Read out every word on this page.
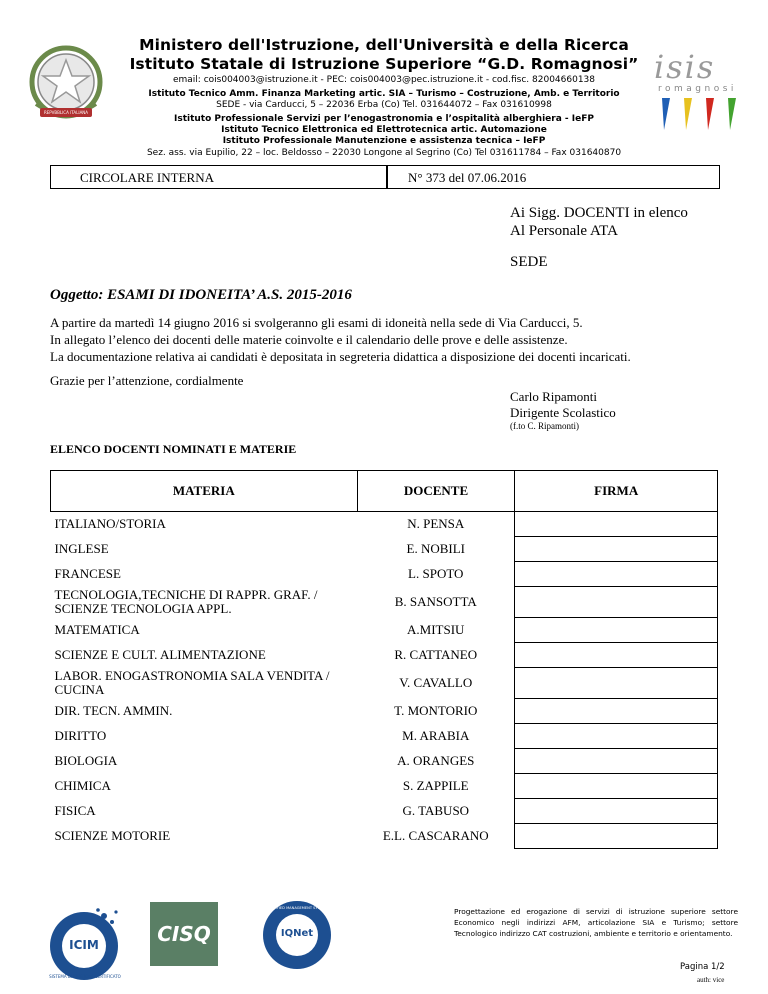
REPVBBLICA ITALIANA
Ministero dell'Istruzione, dell'Università e della Ricerca
Istituto Statale di Istruzione Superiore “G.D. Romagnosi”
email: cois004003@istruzione.it - PEC: cois004003@pec.istruzione.it - cod.fisc. 82004660138
Istituto Tecnico Amm. Finanza Marketing artic. SIA – Turismo – Costruzione, Amb. e Territorio
SEDE - via Carducci, 5 – 22036 Erba (Co) Tel. 031644072 – Fax 031610998
Istituto Professionale Servizi per l’enogastronomia e l’ospitalità alberghiera - IeFP
Istituto Tecnico Elettronica ed Elettrotecnica artic. Automazione
Istituto Professionale Manutenzione e assistenza tecnica – IeFP
Sez. ass. via Eupilio, 22 – loc. Beldosso – 22030 Longone al Segrino (Co) Tel 031611784 – Fax 031640870
isis
romagnosi
CIRCOLARE INTERNA	N° 373 del 07.06.2016
Ai Sigg. DOCENTI in elenco
Al Personale ATA
SEDE
Oggetto: ESAMI DI IDONEITA’ A.S. 2015-2016
A partire da martedì 14 giugno 2016 si svolgeranno gli esami di idoneità nella sede di Via Carducci, 5.
In allegato l’elenco dei docenti delle materie coinvolte e il calendario delle prove e delle assistenze.
La documentazione relativa ai candidati è depositata in segreteria didattica a disposizione dei docenti incaricati.
Grazie per l’attenzione, cordialmente
Carlo Ripamonti
Dirigente Scolastico
(f.to C. Ripamonti)
ELENCO DOCENTI NOMINATI E MATERIE
MATERIA	DOCENTE	FIRMA
ITALIANO/STORIA	N. PENSA	
INGLESE	E. NOBILI	
FRANCESE	L. SPOTO	
TECNOLOGIA,TECNICHE DI RAPPR. GRAF. / SCIENZE TECNOLOGIA APPL.	B. SANSOTTA	
MATEMATICA	A.MITSIU	
SCIENZE E CULT. ALIMENTAZIONE	R. CATTANEO	
LABOR. ENOGASTRONOMIA SALA VENDITA / CUCINA	V. CAVALLO	
DIR. TECN. AMMIN.	T. MONTORIO	
DIRITTO	M. ARABIA	
BIOLOGIA	A. ORANGES	
CHIMICA	S. ZAPPILE	
FISICA	G. TABUSO	
SCIENZE MOTORIE	E.L. CASCARANO	
ICIM
SISTEMA DI GESTIONE CERTIFICATO
CISQ	IQNet
CERTIFIED MANAGEMENT SYSTEM	Progettazione ed erogazione di servizi di istruzione superiore settore Economico negli indirizzi AFM, articolazione SIA e Turismo; settore Tecnologico indirizzo CAT costruzioni, ambiente e territorio e orientamento.
Pagina 1/2
auth: vice
